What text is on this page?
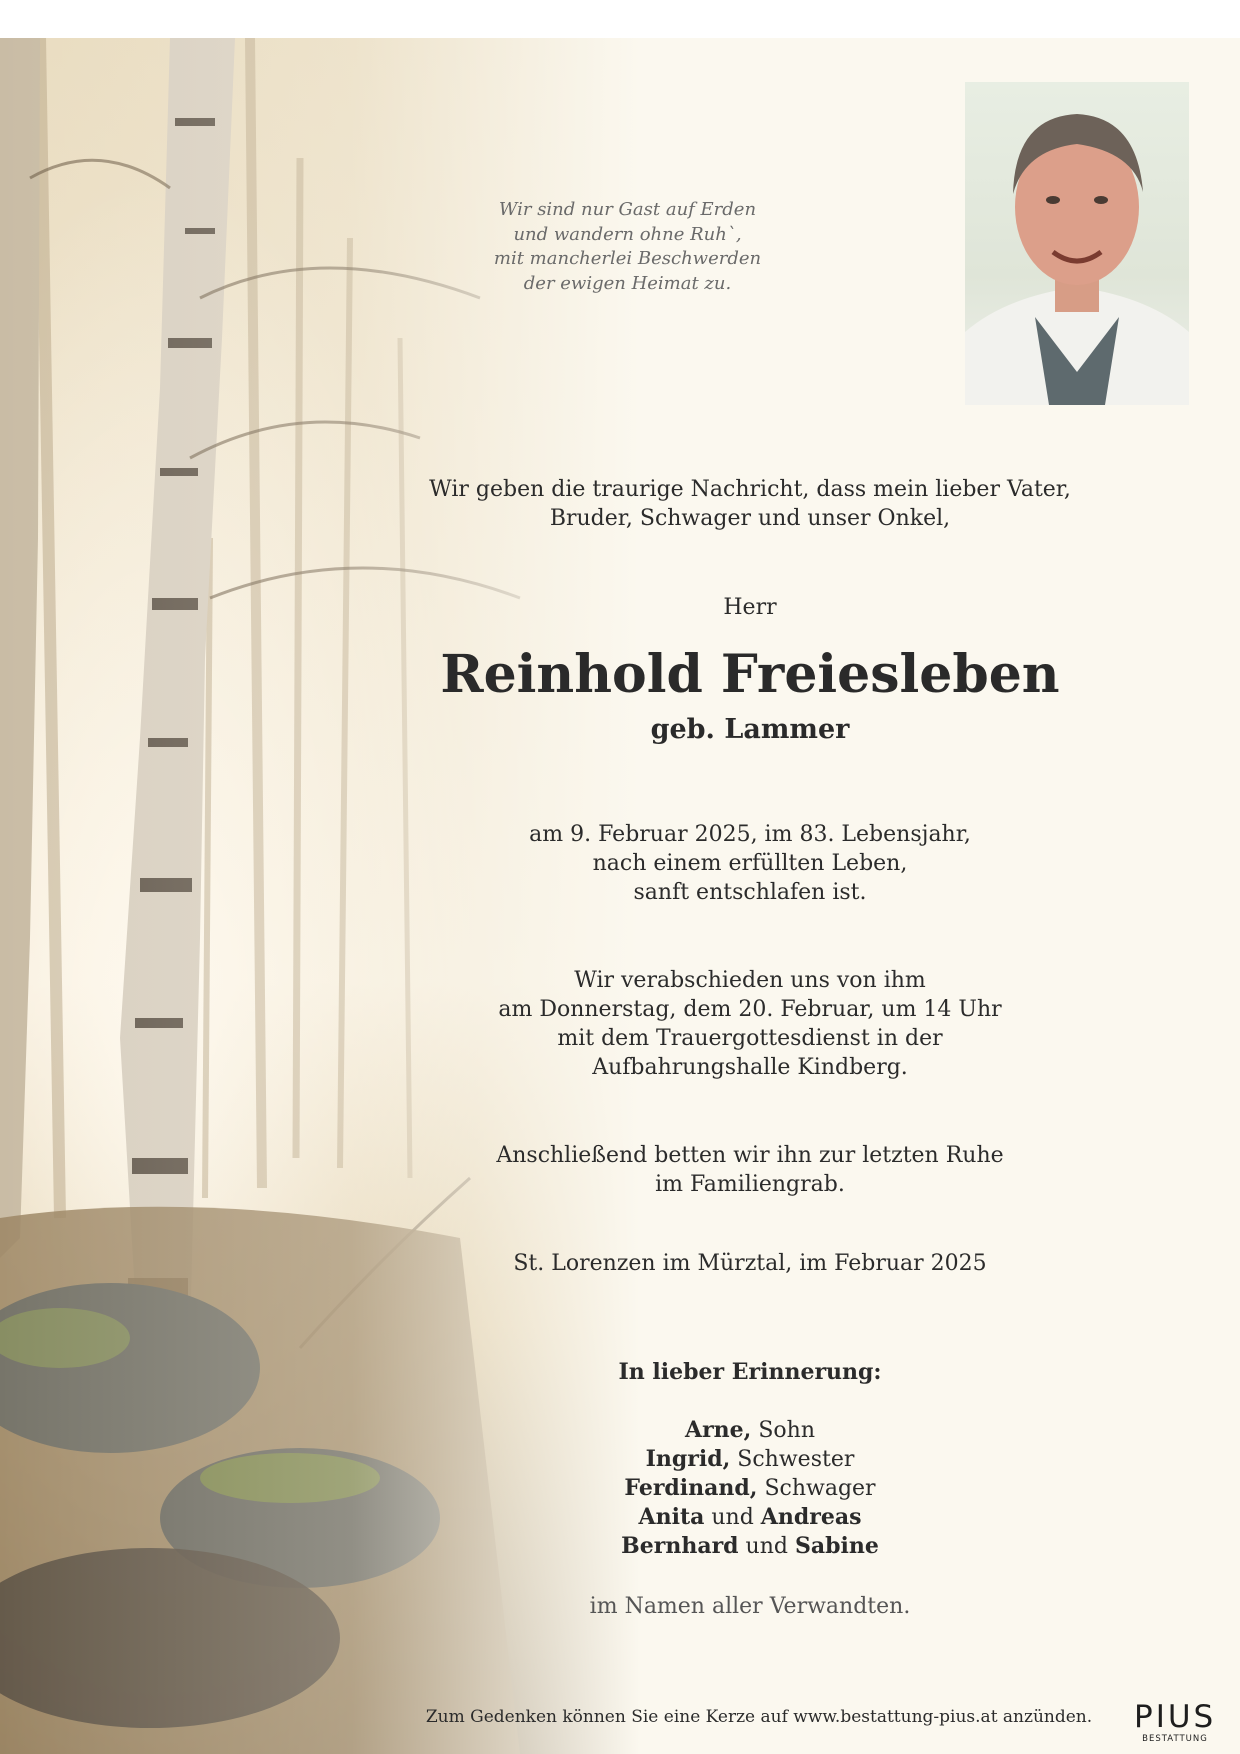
Wir sind nur Gast auf Erden
und wandern ohne Ruh`,
mit mancherlei Beschwerden
der ewigen Heimat zu.
Wir geben die traurige Nachricht, dass mein lieber Vater,
Bruder, Schwager und unser Onkel,
Herr
Reinhold Freiesleben
geb. Lammer
am 9. Februar 2025, im 83. Lebensjahr,
nach einem erfüllten Leben,
sanft entschlafen ist.
Wir verabschieden uns von ihm
am Donnerstag, dem 20. Februar, um 14 Uhr
mit dem Trauergottesdienst in der
Aufbahrungshalle Kindberg.
Anschließend betten wir ihn zur letzten Ruhe
im Familiengrab.
St. Lorenzen im Mürztal, im Februar 2025
In lieber Erinnerung:
Arne, Sohn
Ingrid, Schwester
Ferdinand, Schwager
Anita und Andreas
Bernhard und Sabine
im Namen aller Verwandten.
Zum Gedenken können Sie eine Kerze auf www.bestattung-pius.at anzünden.	PIUS
BESTATTUNG
